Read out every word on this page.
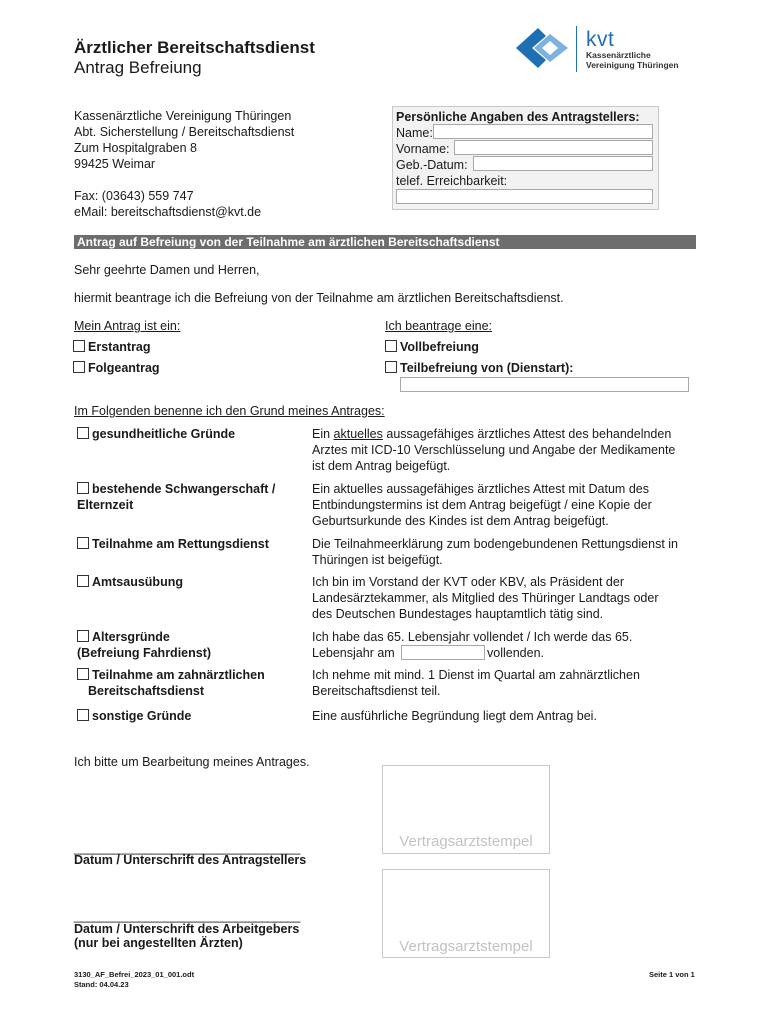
Ärztlicher Bereitschaftsdienst
Antrag Befreiung
kvt
Kassenärztliche
Vereinigung Thüringen
Kassenärztliche Vereinigung Thüringen
Abt. Sicherstellung / Bereitschaftsdienst
Zum Hospitalgraben 8
99425 Weimar
Fax: (03643) 559 747
eMail: bereitschaftsdienst@kvt.de
Persönliche Angaben des Antragstellers:
Name:
Vorname:
Geb.-Datum:
telef. Erreichbarkeit:
Antrag auf Befreiung von der Teilnahme am ärztlichen Bereitschaftsdienst
Sehr geehrte Damen und Herren,
hiermit beantrage ich die Befreiung von der Teilnahme am ärztlichen Bereitschaftsdienst.
Mein Antrag ist ein:
Erstantrag
Folgeantrag
Ich beantrage eine:
Vollbefreiung
Teilbefreiung von (Dienstart):
Im Folgenden benenne ich den Grund meines Antrages:
gesundheitliche Gründe	Ein aktuelles aussagefähiges ärztliches Attest des behandelnden
Arztes mit ICD-10 Verschlüsselung und Angabe der Medikamente
ist dem Antrag beigefügt.
bestehende Schwangerschaft /
Elternzeit
Ein aktuelles aussagefähiges ärztliches Attest mit Datum des
Entbindungstermins ist dem Antrag beigefügt / eine Kopie der
Geburtsurkunde des Kindes ist dem Antrag beigefügt.
Teilnahme am Rettungsdienst	Die Teilnahmeerklärung zum bodengebundenen Rettungsdienst in
Thüringen ist beigefügt.
Amtsausübung	Ich bin im Vorstand der KVT oder KBV, als Präsident der
Landesärztekammer, als Mitglied des Thüringer Landtags oder
des Deutschen Bundestages hauptamtlich tätig sind.
Altersgründe
(Befreiung Fahrdienst)
Ich habe das 65. Lebensjahr vollendet / Ich werde das 65.
Lebensjahr am	vollenden.
Teilnahme am zahnärztlichen
Bereitschaftsdienst
Ich nehme mit mind. 1 Dienst im Quartal am zahnärztlichen
Bereitschaftsdienst teil.
sonstige Gründe	Eine ausführliche Begründung liegt dem Antrag bei.
Ich bitte um Bearbeitung meines Antrages.
___________________________________
Datum / Unterschrift des Antragstellers
___________________________________
Datum / Unterschrift des Arbeitgebers
(nur bei angestellten Ärzten)
Vertragsarztstempel
Vertragsarztstempel
3130_AF_Befrei_2023_01_001.odt
Stand: 04.04.23
Seite 1 von 1
